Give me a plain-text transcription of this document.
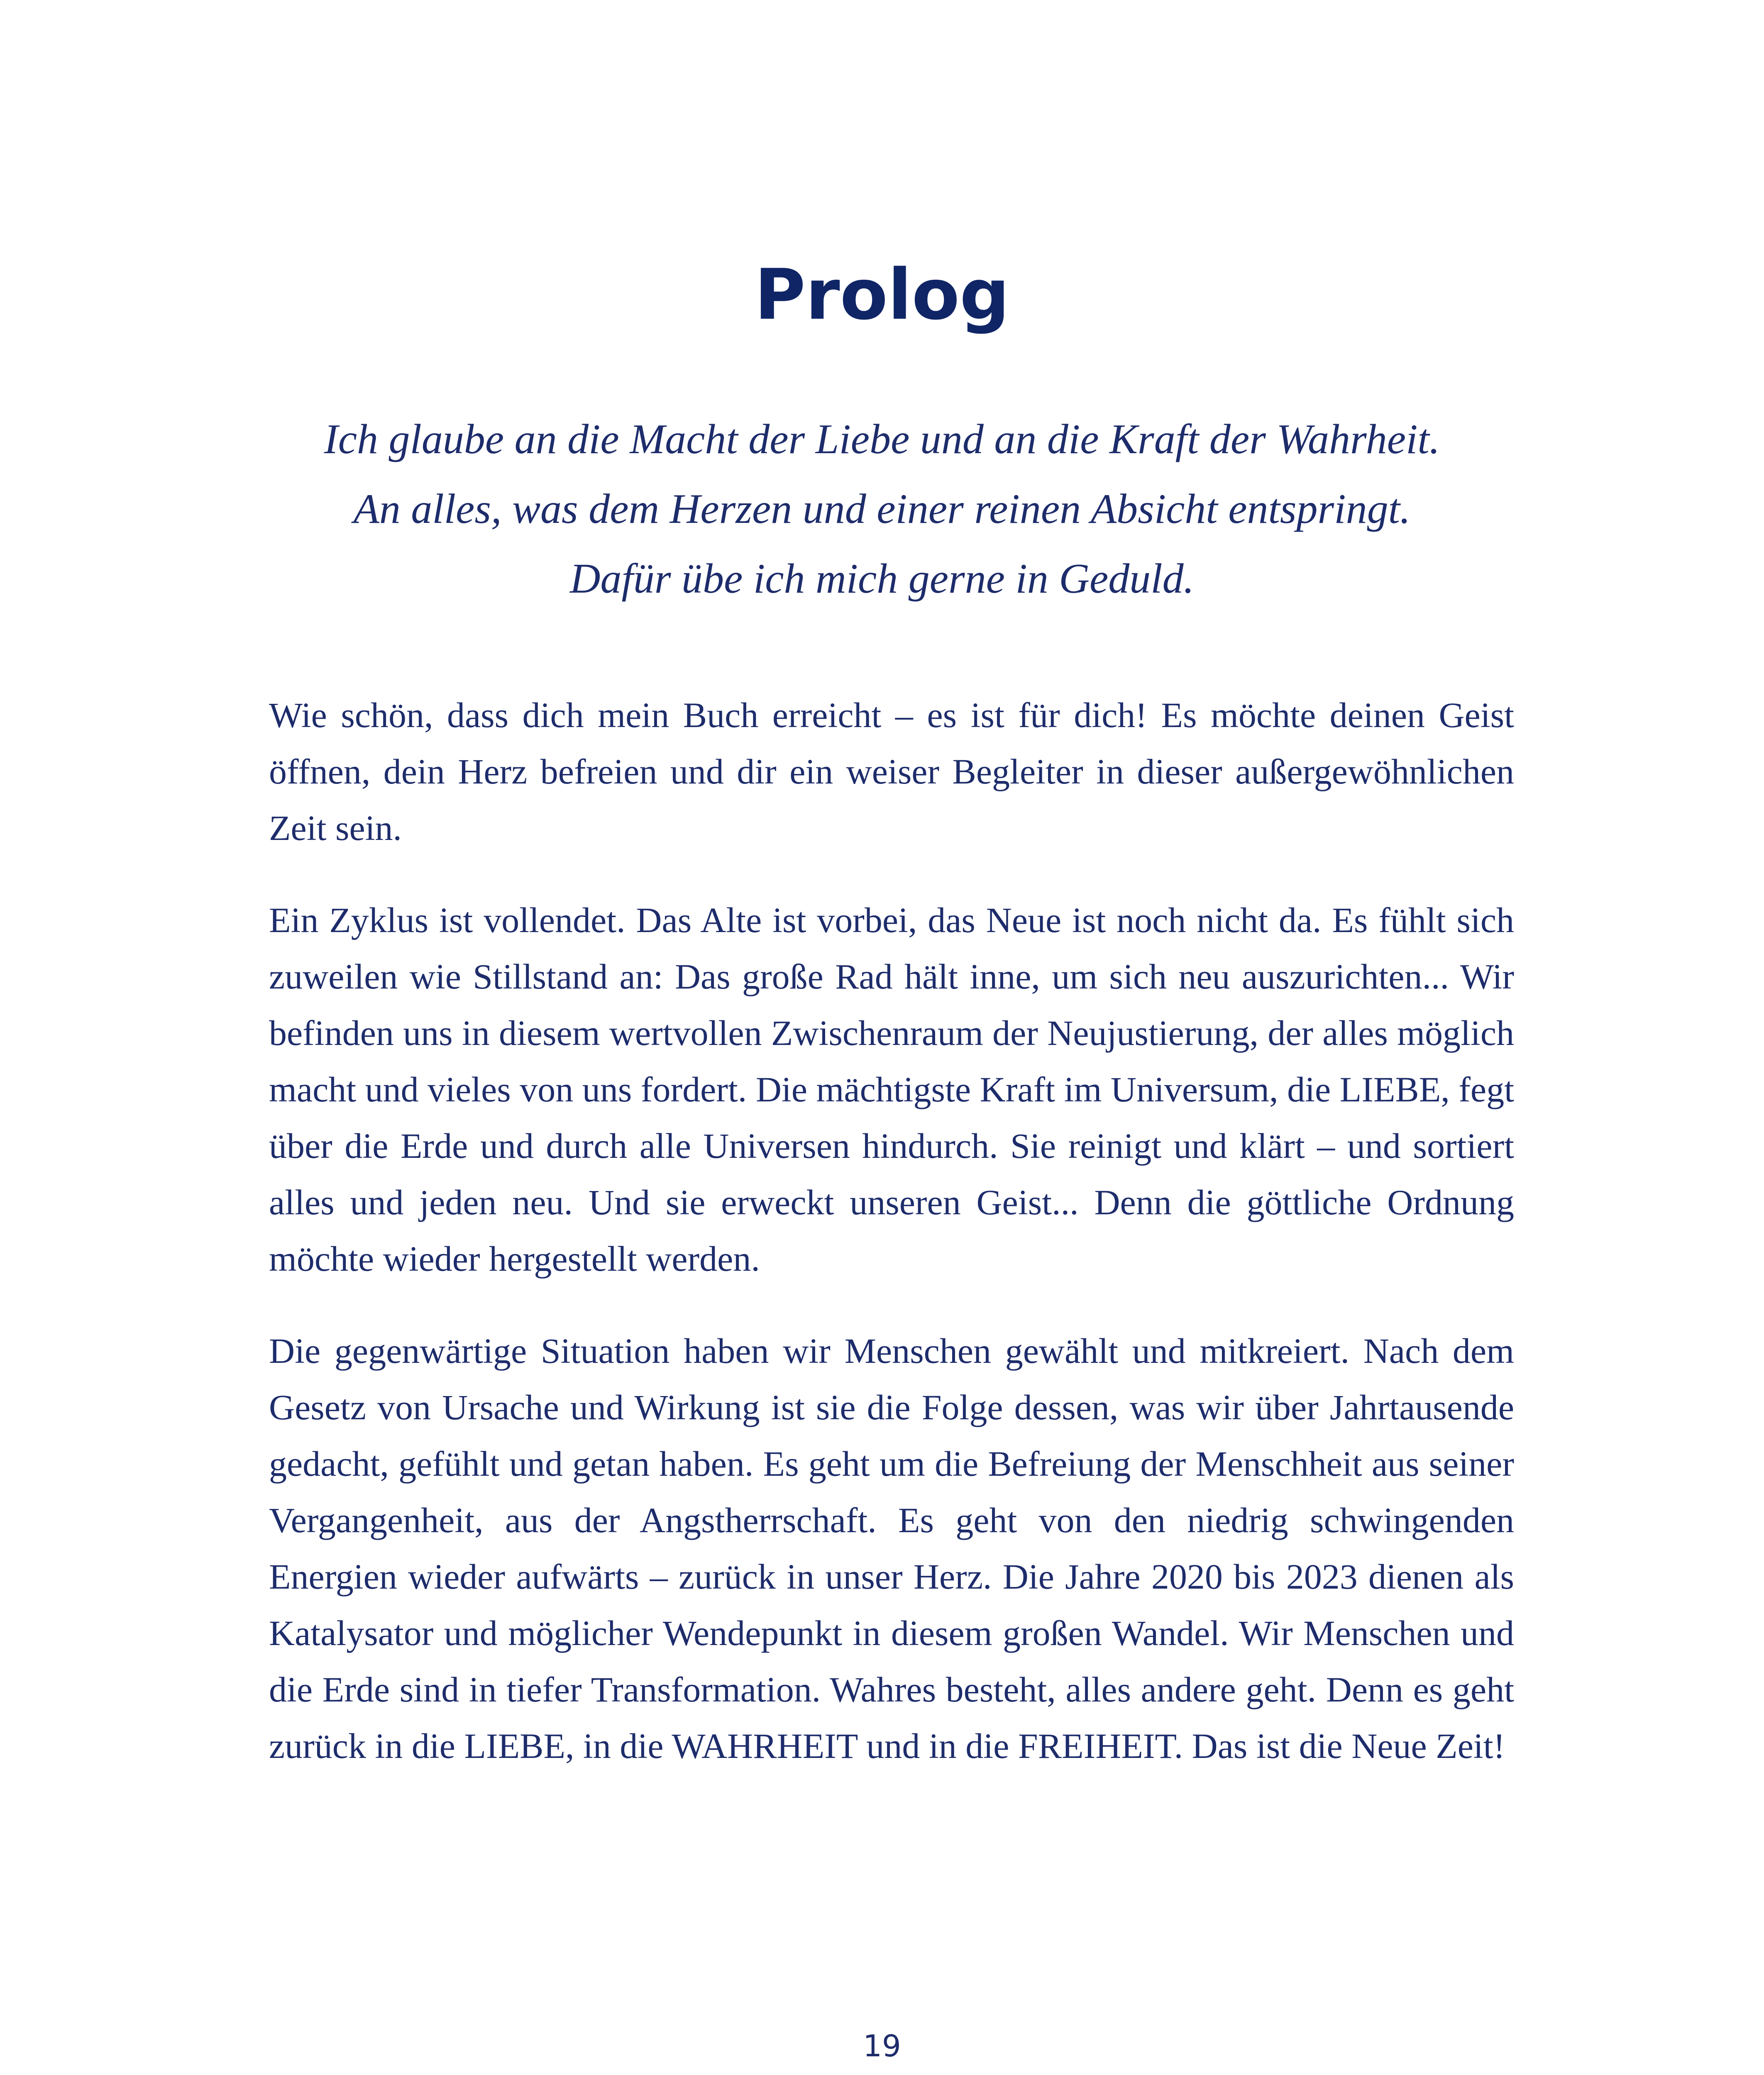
Prolog
Ich glaube an die Macht der Liebe und an die Kraft der Wahrheit.
An alles, was dem Herzen und einer reinen Absicht entspringt.
Dafür übe ich mich gerne in Geduld.

Wie schön, dass dich mein Buch erreicht – es ist für dich! Es möchte deinen Geist öffnen, dein Herz befreien und dir ein weiser Begleiter in dieser außergewöhnlichen Zeit sein.

Ein Zyklus ist vollendet. Das Alte ist vorbei, das Neue ist noch nicht da. Es fühlt sich zuweilen wie Stillstand an: Das große Rad hält inne, um sich neu auszurichten... Wir befinden uns in diesem wertvollen Zwischenraum der Neujustierung, der alles möglich macht und vieles von uns fordert. Die mächtigste Kraft im Universum, die LIEBE, fegt über die Erde und durch alle Universen hindurch. Sie reinigt und klärt – und sortiert alles und jeden neu. Und sie erweckt unseren Geist... Denn die göttliche Ordnung möchte wieder hergestellt werden.

Die gegenwärtige Situation haben wir Menschen gewählt und mitkreiert. Nach dem Gesetz von Ursache und Wirkung ist sie die Folge dessen, was wir über Jahrtausende gedacht, gefühlt und getan haben. Es geht um die Befreiung der Menschheit aus seiner Vergangenheit, aus der Angstherrschaft. Es geht von den niedrig schwingenden Energien wieder aufwärts – zurück in unser Herz. Die Jahre 2020 bis 2023 dienen als Katalysator und möglicher Wendepunkt in diesem großen Wandel. Wir Menschen und die Erde sind in tiefer Transformation. Wahres besteht, alles andere geht. Denn es geht zurück in die LIEBE, in die WAHRHEIT und in die FREIHEIT. Das ist die Neue Zeit!

19
